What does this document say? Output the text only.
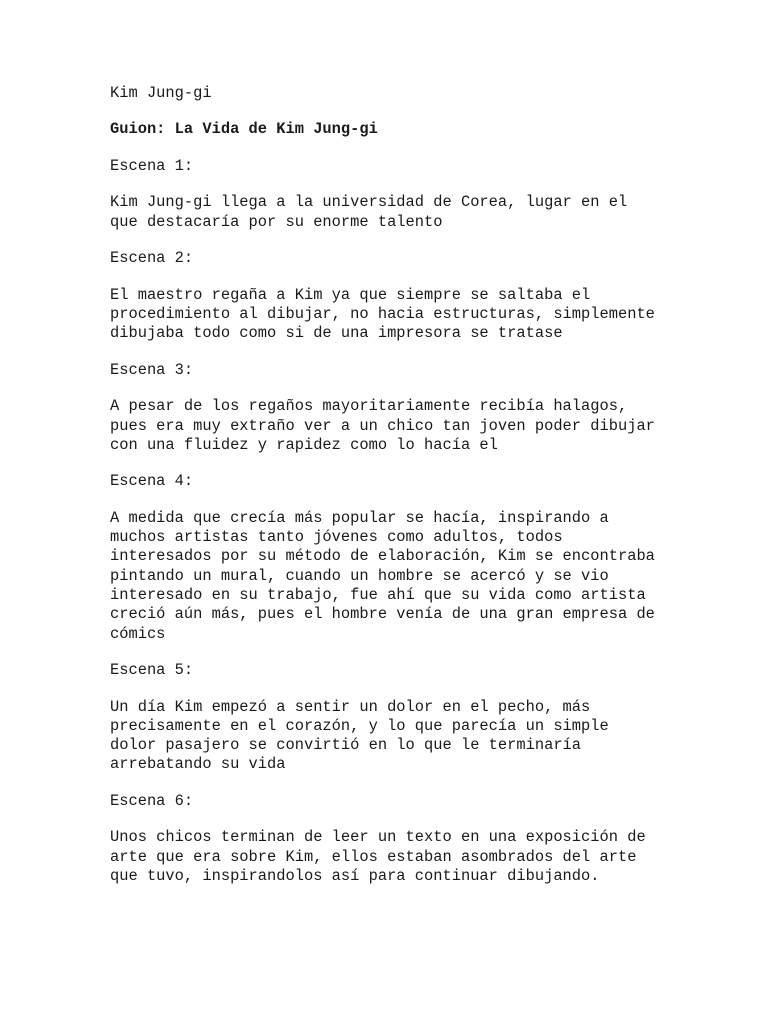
Kim Jung-gi

Guion: La Vida de Kim Jung-gi

Escena 1:

Kim Jung-gi llega a la universidad de Corea, lugar en el

que destacaría por su enorme talento

Escena 2:

El maestro regaña a Kim ya que siempre se saltaba el

procedimiento al dibujar, no hacia estructuras, simplemente

dibujaba todo como si de una impresora se tratase

Escena 3:

A pesar de los regaños mayoritariamente recibía halagos,

pues era muy extraño ver a un chico tan joven poder dibujar

con una fluidez y rapidez como lo hacía el

Escena 4:

A medida que crecía más popular se hacía, inspirando a

muchos artistas tanto jóvenes como adultos, todos

interesados por su método de elaboración, Kim se encontraba

pintando un mural, cuando un hombre se acercó y se vio

interesado en su trabajo, fue ahí que su vida como artista

creció aún más, pues el hombre venía de una gran empresa de

cómics

Escena 5:

Un día Kim empezó a sentir un dolor en el pecho, más

precisamente en el corazón, y lo que parecía un simple

dolor pasajero se convirtió en lo que le terminaría

arrebatando su vida

Escena 6:

Unos chicos terminan de leer un texto en una exposición de

arte que era sobre Kim, ellos estaban asombrados del arte

que tuvo, inspirandolos así para continuar dibujando.
